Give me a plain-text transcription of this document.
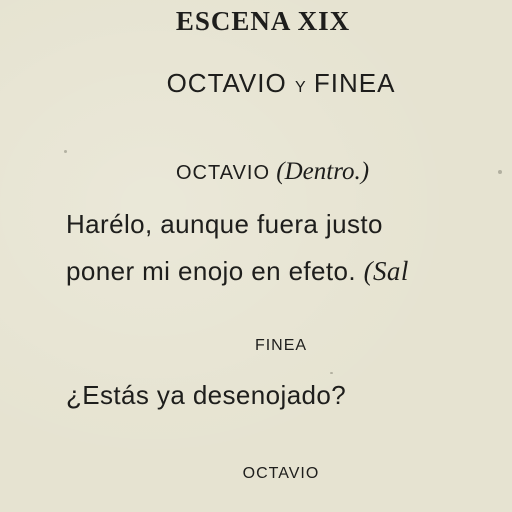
ESCENA XIX
OCTAVIO Y FINEA
OCTAVIO (Dentro.)
Harélo, aunque fuera justo
poner mi enojo en efeto. (Sal
FINEA
¿Estás ya desenojado?
OCTAVIO
